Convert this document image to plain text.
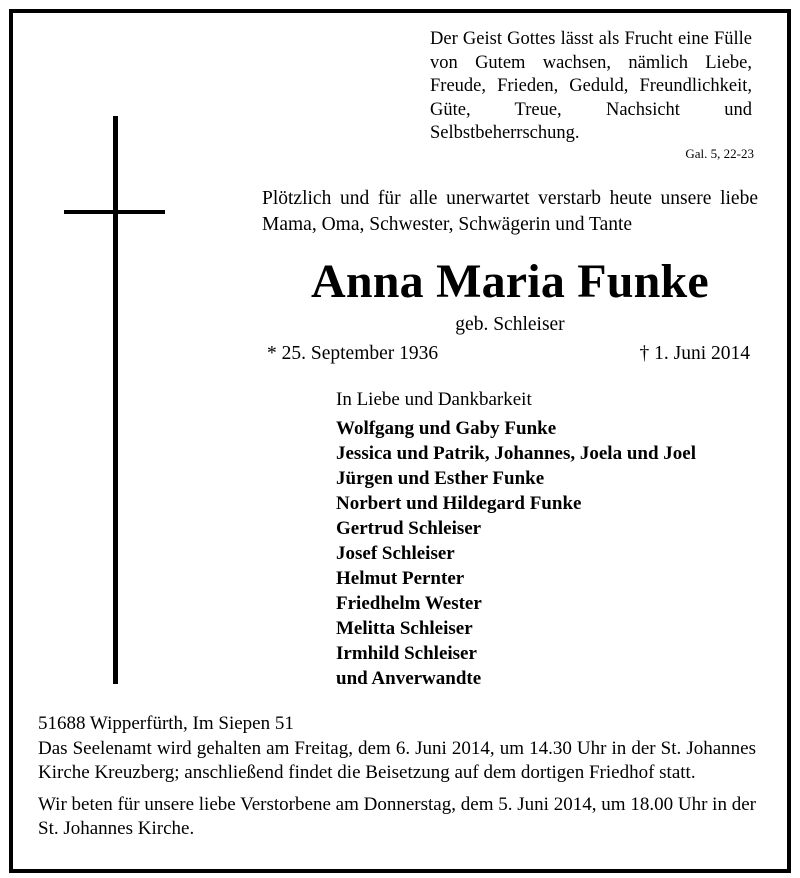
Der Geist Gottes lässt als Frucht eine Fülle von Gutem wachsen, nämlich Liebe, Freude, Frieden, Geduld, Freundlichkeit, Güte, Treue, Nachsicht und Selbstbeherrschung.
Gal. 5, 22-23
Plötzlich und für alle unerwartet verstarb heute unsere liebe Mama, Oma, Schwester, Schwägerin und Tante
Anna Maria Funke
geb. Schleiser
* 25. September 1936	† 1. Juni 2014
In Liebe und Dankbarkeit
Wolfgang und Gaby Funke
Jessica und Patrik, Johannes, Joela und Joel
Jürgen und Esther Funke
Norbert und Hildegard Funke
Gertrud Schleiser
Josef Schleiser
Helmut Pernter
Friedhelm Wester
Melitta Schleiser
Irmhild Schleiser
und Anverwandte

51688 Wipperfürth, Im Siepen 51

Das Seelenamt wird gehalten am Freitag, dem 6. Juni 2014, um 14.30 Uhr in der St. Johannes Kirche Kreuzberg; anschließend findet die Beisetzung auf dem dortigen Friedhof statt.

Wir beten für unsere liebe Verstorbene am Donnerstag, dem 5. Juni 2014, um 18.00 Uhr in der St. Johannes Kirche.
